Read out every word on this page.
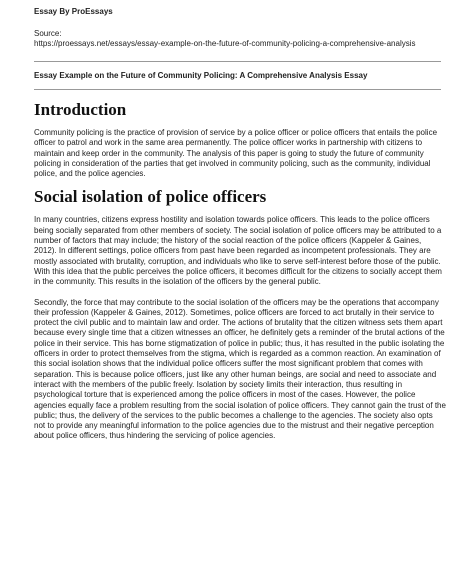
Essay By ProEssays
Source:
https://proessays.net/essays/essay-example-on-the-future-of-community-policing-a-comprehensive-analysis
Essay Example on the Future of Community Policing: A Comprehensive Analysis Essay
Introduction

Community policing is the practice of provision of service by a police officer or police officers that entails the police officer to patrol and work in the same area permanently. The police officer works in partnership with citizens to maintain and keep order in the community. The analysis of this paper is going to study the future of community policing in consideration of the parties that get involved in community policing, such as the community, individual police, and the police agencies.

Social isolation of police officers

In many countries, citizens express hostility and isolation towards police officers. This leads to the police officers being socially separated from other members of society. The social isolation of police officers may be attributed to a number of factors that may include; the history of the social reaction of the police officers (Kappeler & Gaines, 2012). In different settings, police officers from past have been regarded as incompetent professionals. They are mostly associated with brutality, corruption, and individuals who like to serve self-interest before those of the public. With this idea that the public perceives the police officers, it becomes difficult for the citizens to socially accept them in the community. This results in the isolation of the officers by the general public.

Secondly, the force that may contribute to the social isolation of the officers may be the operations that accompany their profession (Kappeler & Gaines, 2012). Sometimes, police officers are forced to act brutally in their service to protect the civil public and to maintain law and order. The actions of brutality that the citizen witness sets them apart because every single time that a citizen witnesses an officer, he definitely gets a reminder of the brutal actions of the police in their service. This has borne stigmatization of police in public; thus, it has resulted in the public isolating the officers in order to protect themselves from the stigma, which is regarded as a common reaction. An examination of this social isolation shows that the individual police officers suffer the most significant problem that comes with separation. This is because police officers, just like any other human beings, are social and need to associate and interact with the members of the public freely. Isolation by society limits their interaction, thus resulting in psychological torture that is experienced among the police officers in most of the cases. However, the police agencies equally face a problem resulting from the social isolation of police officers. They cannot gain the trust of the public; thus, the delivery of the services to the public becomes a challenge to the agencies. The society also opts not to provide any meaningful information to the police agencies due to the mistrust and their negative perception about police officers, thus hindering the servicing of police agencies.
